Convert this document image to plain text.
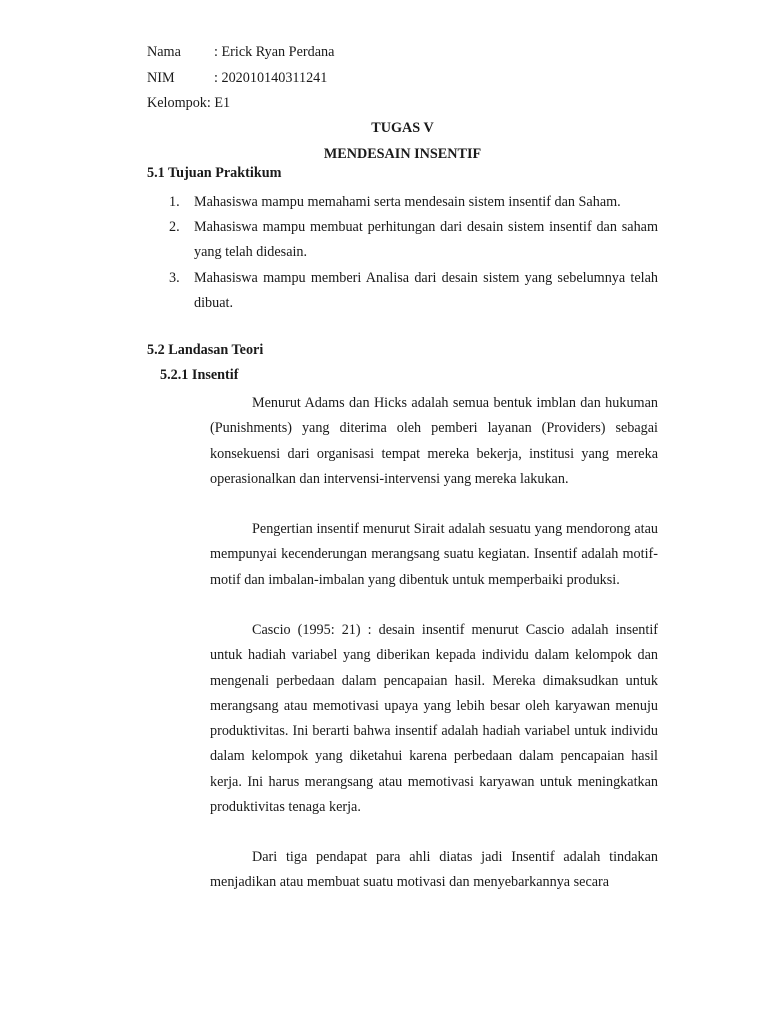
Nama	: Erick Ryan Perdana
NIM	: 202010140311241
Kelompok : E1
TUGAS V
MENDESAIN INSENTIF
5.1 Tujuan Praktikum
1. Mahasiswa mampu memahami serta mendesain sistem insentif dan Saham.
2. Mahasiswa mampu membuat perhitungan dari desain sistem insentif dan saham yang telah didesain.
3. Mahasiswa mampu memberi Analisa dari desain sistem yang sebelumnya telah dibuat.
5.2 Landasan Teori
5.2.1 Insentif

Menurut Adams dan Hicks adalah semua bentuk imblan dan hukuman (Punishments) yang diterima oleh pemberi layanan (Providers) sebagai konsekuensi dari organisasi tempat mereka bekerja, institusi yang mereka operasionalkan dan intervensi-intervensi yang mereka lakukan.

Pengertian insentif menurut Sirait adalah sesuatu yang mendorong atau mempunyai kecenderungan merangsang suatu kegiatan. Insentif adalah motif-motif dan imbalan-imbalan yang dibentuk untuk memperbaiki produksi.

Cascio (1995: 21) : desain insentif menurut Cascio adalah insentif untuk hadiah variabel yang diberikan kepada individu dalam kelompok dan mengenali perbedaan dalam pencapaian hasil. Mereka dimaksudkan untuk merangsang atau memotivasi upaya yang lebih besar oleh karyawan menuju produktivitas. Ini berarti bahwa insentif adalah hadiah variabel untuk individu dalam kelompok yang diketahui karena perbedaan dalam pencapaian hasil kerja. Ini harus merangsang atau memotivasi karyawan untuk meningkatkan produktivitas tenaga kerja.

Dari tiga pendapat para ahli diatas jadi Insentif adalah tindakan menjadikan atau membuat suatu motivasi dan menyebarkannya secara
